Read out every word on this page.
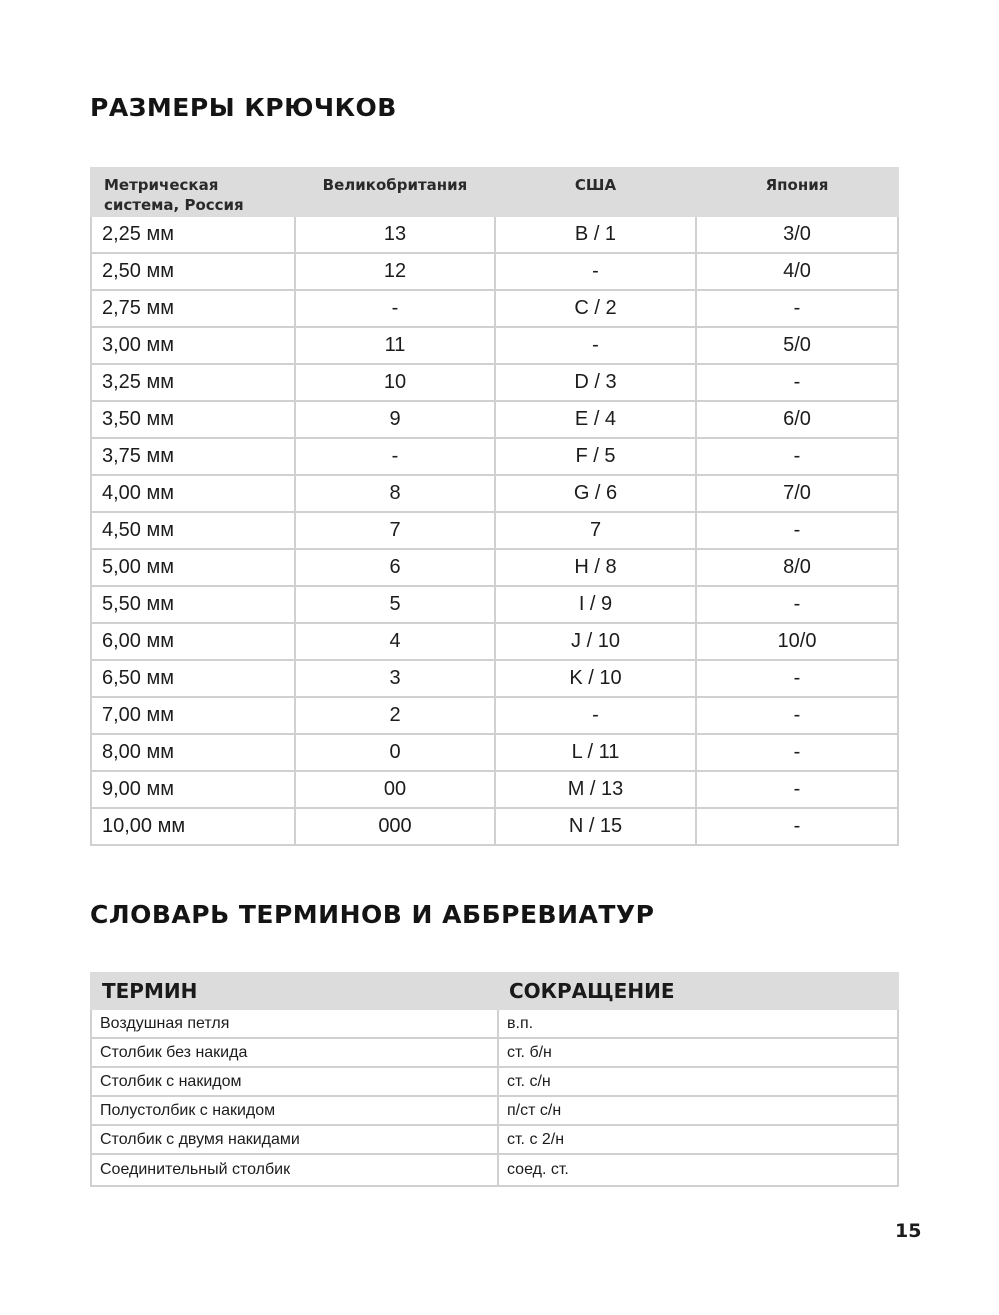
РАЗМЕРЫ КРЮЧКОВ
Метрическая система, Россия	Великобритания	США	Япония
2,25 мм	13	B / 1	3/0
2,50 мм	12	-	4/0
2,75 мм	-	C / 2	-
3,00 мм	11	-	5/0
3,25 мм	10	D / 3	-
3,50 мм	9	E / 4	6/0
3,75 мм	-	F / 5	-
4,00 мм	8	G / 6	7/0
4,50 мм	7	7	-
5,00 мм	6	H / 8	8/0
5,50 мм	5	I / 9	-
6,00 мм	4	J / 10	10/0
6,50 мм	3	K / 10	-
7,00 мм	2	-	-
8,00 мм	0	L / 11	-
9,00 мм	00	M / 13	-
10,00 мм	000	N / 15	-
СЛОВАРЬ ТЕРМИНОВ И АББРЕВИАТУР
ТЕРМИН	СОКРАЩЕНИЕ
Воздушная петля	в.п.
Столбик без накида	ст. б/н
Столбик с накидом	ст. с/н
Полустолбик с накидом	п/ст с/н
Столбик с двумя накидами	ст. с 2/н
Соединительный столбик	соед. ст.

15
